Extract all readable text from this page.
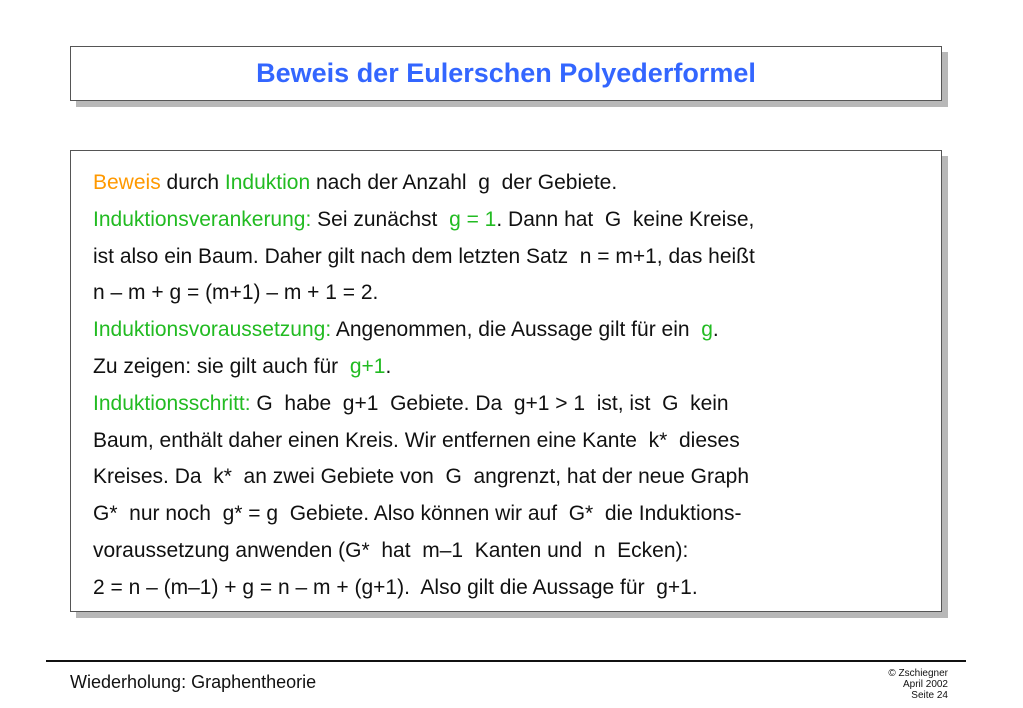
Beweis der Eulerschen Polyederformel
Beweis durch Induktion nach der Anzahl  g  der Gebiete.
Induktionsverankerung: Sei zunächst  g = 1. Dann hat  G  keine Kreise,
ist also ein Baum. Daher gilt nach dem letzten Satz  n = m+1, das heißt
n – m + g = (m+1) – m + 1 = 2.
Induktionsvoraussetzung: Angenommen, die Aussage gilt für ein  g.
Zu zeigen: sie gilt auch für  g+1.
Induktionsschritt: G  habe  g+1  Gebiete. Da  g+1 > 1  ist, ist  G  kein
Baum, enthält daher einen Kreis. Wir entfernen eine Kante  k*  dieses
Kreises. Da  k*  an zwei Gebiete von  G  angrenzt, hat der neue Graph
G*  nur noch  g* = g  Gebiete. Also können wir auf  G*  die Induktions-
voraussetzung anwenden (G*  hat  m–1  Kanten und  n  Ecken):
2 = n – (m–1) + g = n – m + (g+1).  Also gilt die Aussage für  g+1.
Wiederholung: Graphentheorie	© Zschiegner
April 2002
Seite 24
